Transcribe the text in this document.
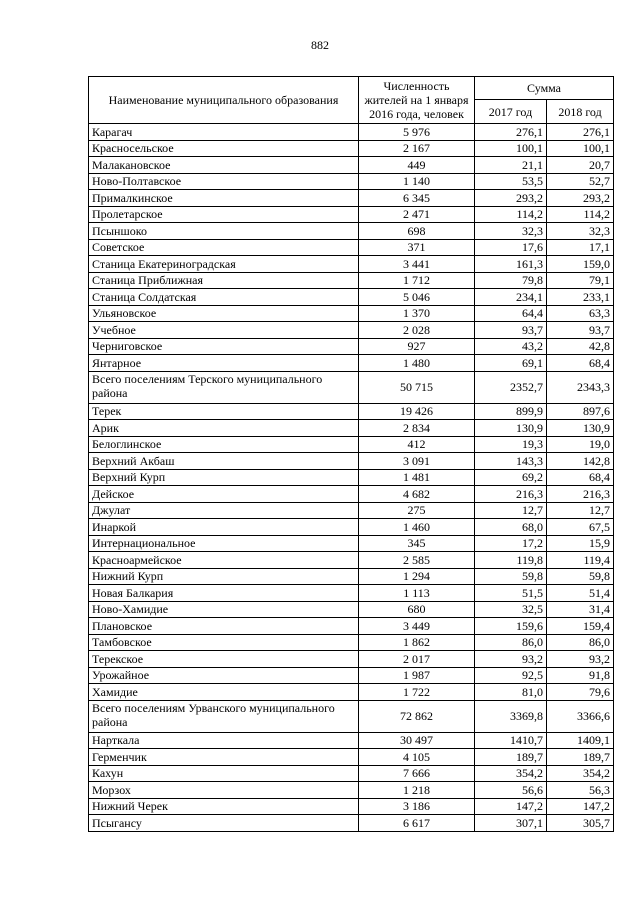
882
Наименование муниципального образования	Численность жителей на 1 января 2016 года, человек	Сумма	
		2017 год	2018 год
Карагач	5 976	276,1	276,1
Красносельское	2 167	100,1	100,1
Малакановское	449	21,1	20,7
Ново-Полтавское	1 140	53,5	52,7
Прималкинское	6 345	293,2	293,2
Пролетарское	2 471	114,2	114,2
Псыншоко	698	32,3	32,3
Советское	371	17,6	17,1
Станица Екатериноградская	3 441	161,3	159,0
Станица Приближная	1 712	79,8	79,1
Станица Солдатская	5 046	234,1	233,1
Ульяновское	1 370	64,4	63,3
Учебное	2 028	93,7	93,7
Черниговское	927	43,2	42,8
Янтарное	1 480	69,1	68,4
Всего поселениям Терского муниципального района	50 715	2352,7	2343,3
Терек	19 426	899,9	897,6
Арик	2 834	130,9	130,9
Белоглинское	412	19,3	19,0
Верхний Акбаш	3 091	143,3	142,8
Верхний Курп	1 481	69,2	68,4
Дейское	4 682	216,3	216,3
Джулат	275	12,7	12,7
Инаркой	1 460	68,0	67,5
Интернациональное	345	17,2	15,9
Красноармейское	2 585	119,8	119,4
Нижний Курп	1 294	59,8	59,8
Новая Балкария	1 113	51,5	51,4
Ново-Хамидие	680	32,5	31,4
Плановское	3 449	159,6	159,4
Тамбовское	1 862	86,0	86,0
Терекское	2 017	93,2	93,2
Урожайное	1 987	92,5	91,8
Хамидие	1 722	81,0	79,6
Всего поселениям Урванского муниципального района	72 862	3369,8	3366,6
Нарткала	30 497	1410,7	1409,1
Герменчик	4 105	189,7	189,7
Кахун	7 666	354,2	354,2
Морзох	1 218	56,6	56,3
Нижний Черек	3 186	147,2	147,2
Псыгансу	6 617	307,1	305,7
